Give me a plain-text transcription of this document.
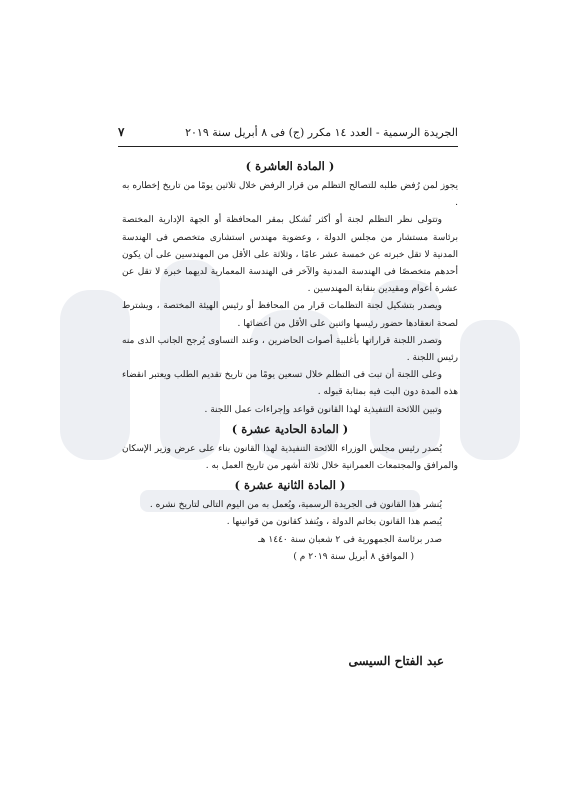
الجريدة الرسمية - العدد ١٤ مكرر (ج) فى ٨ أبريل سنة ٢٠١٩
٧
( المادة العاشرة )

يجوز لمن رُفض طلبه للتصالح التظلم من قرار الرفض خلال ثلاثين يومًا من تاريخ إخطاره به .

وتتولى نظر التظلم لجنة أو أكثر تُشكل بمقر المحافظة أو الجهة الإدارية المختصة برئاسة مستشار من مجلس الدولة ، وعضوية مهندس استشارى متخصص فى الهندسة المدنية لا تقل خبرته عن خمسة عشر عامًا ، وثلاثة على الأقل من المهندسين على أن يكون أحدهم متخصصًا فى الهندسة المدنية والآخر فى الهندسة المعمارية لديهما خبرة لا تقل عن عشرة أعوام ومقيدين بنقابة المهندسين .

ويصدر بتشكيل لجنة التظلمات قرار من المحافظ أو رئيس الهيئة المختصة ، ويشترط لصحة انعقادها حضور رئيسها واثنين على الأقل من أعضائها .

وتصدر اللجنة قراراتها بأغلبية أصوات الحاضرين ، وعند التساوى يُرجح الجانب الذى منه رئيس اللجنة .

وعلى اللجنة أن تبت فى التظلم خلال تسعين يومًا من تاريخ تقديم الطلب ويعتبر انقضاء هذه المدة دون البت فيه بمثابة قبوله .

وتبين اللائحة التنفيذية لهذا القانون قواعد وإجراءات عمل اللجنة .

( المادة الحادية عشرة )

يُصدر رئيس مجلس الوزراء اللائحة التنفيذية لهذا القانون بناء على عرض وزير الإسكان والمرافق والمجتمعات العمرانية خلال ثلاثة أشهر من تاريخ العمل به .

( المادة الثانية عشرة )

يُنشر هذا القانون فى الجريدة الرسمية، ويُعمل به من اليوم التالى لتاريخ نشره .

يُبصم هذا القانون بخاتم الدولة ، ويُنفذ كقانون من قوانينها .

صدر برئاسة الجمهورية فى ٢ شعبان سنة ١٤٤٠ هـ

( الموافق ٨ أبريل سنة ٢٠١٩ م )

عبد الفتاح السيسى
